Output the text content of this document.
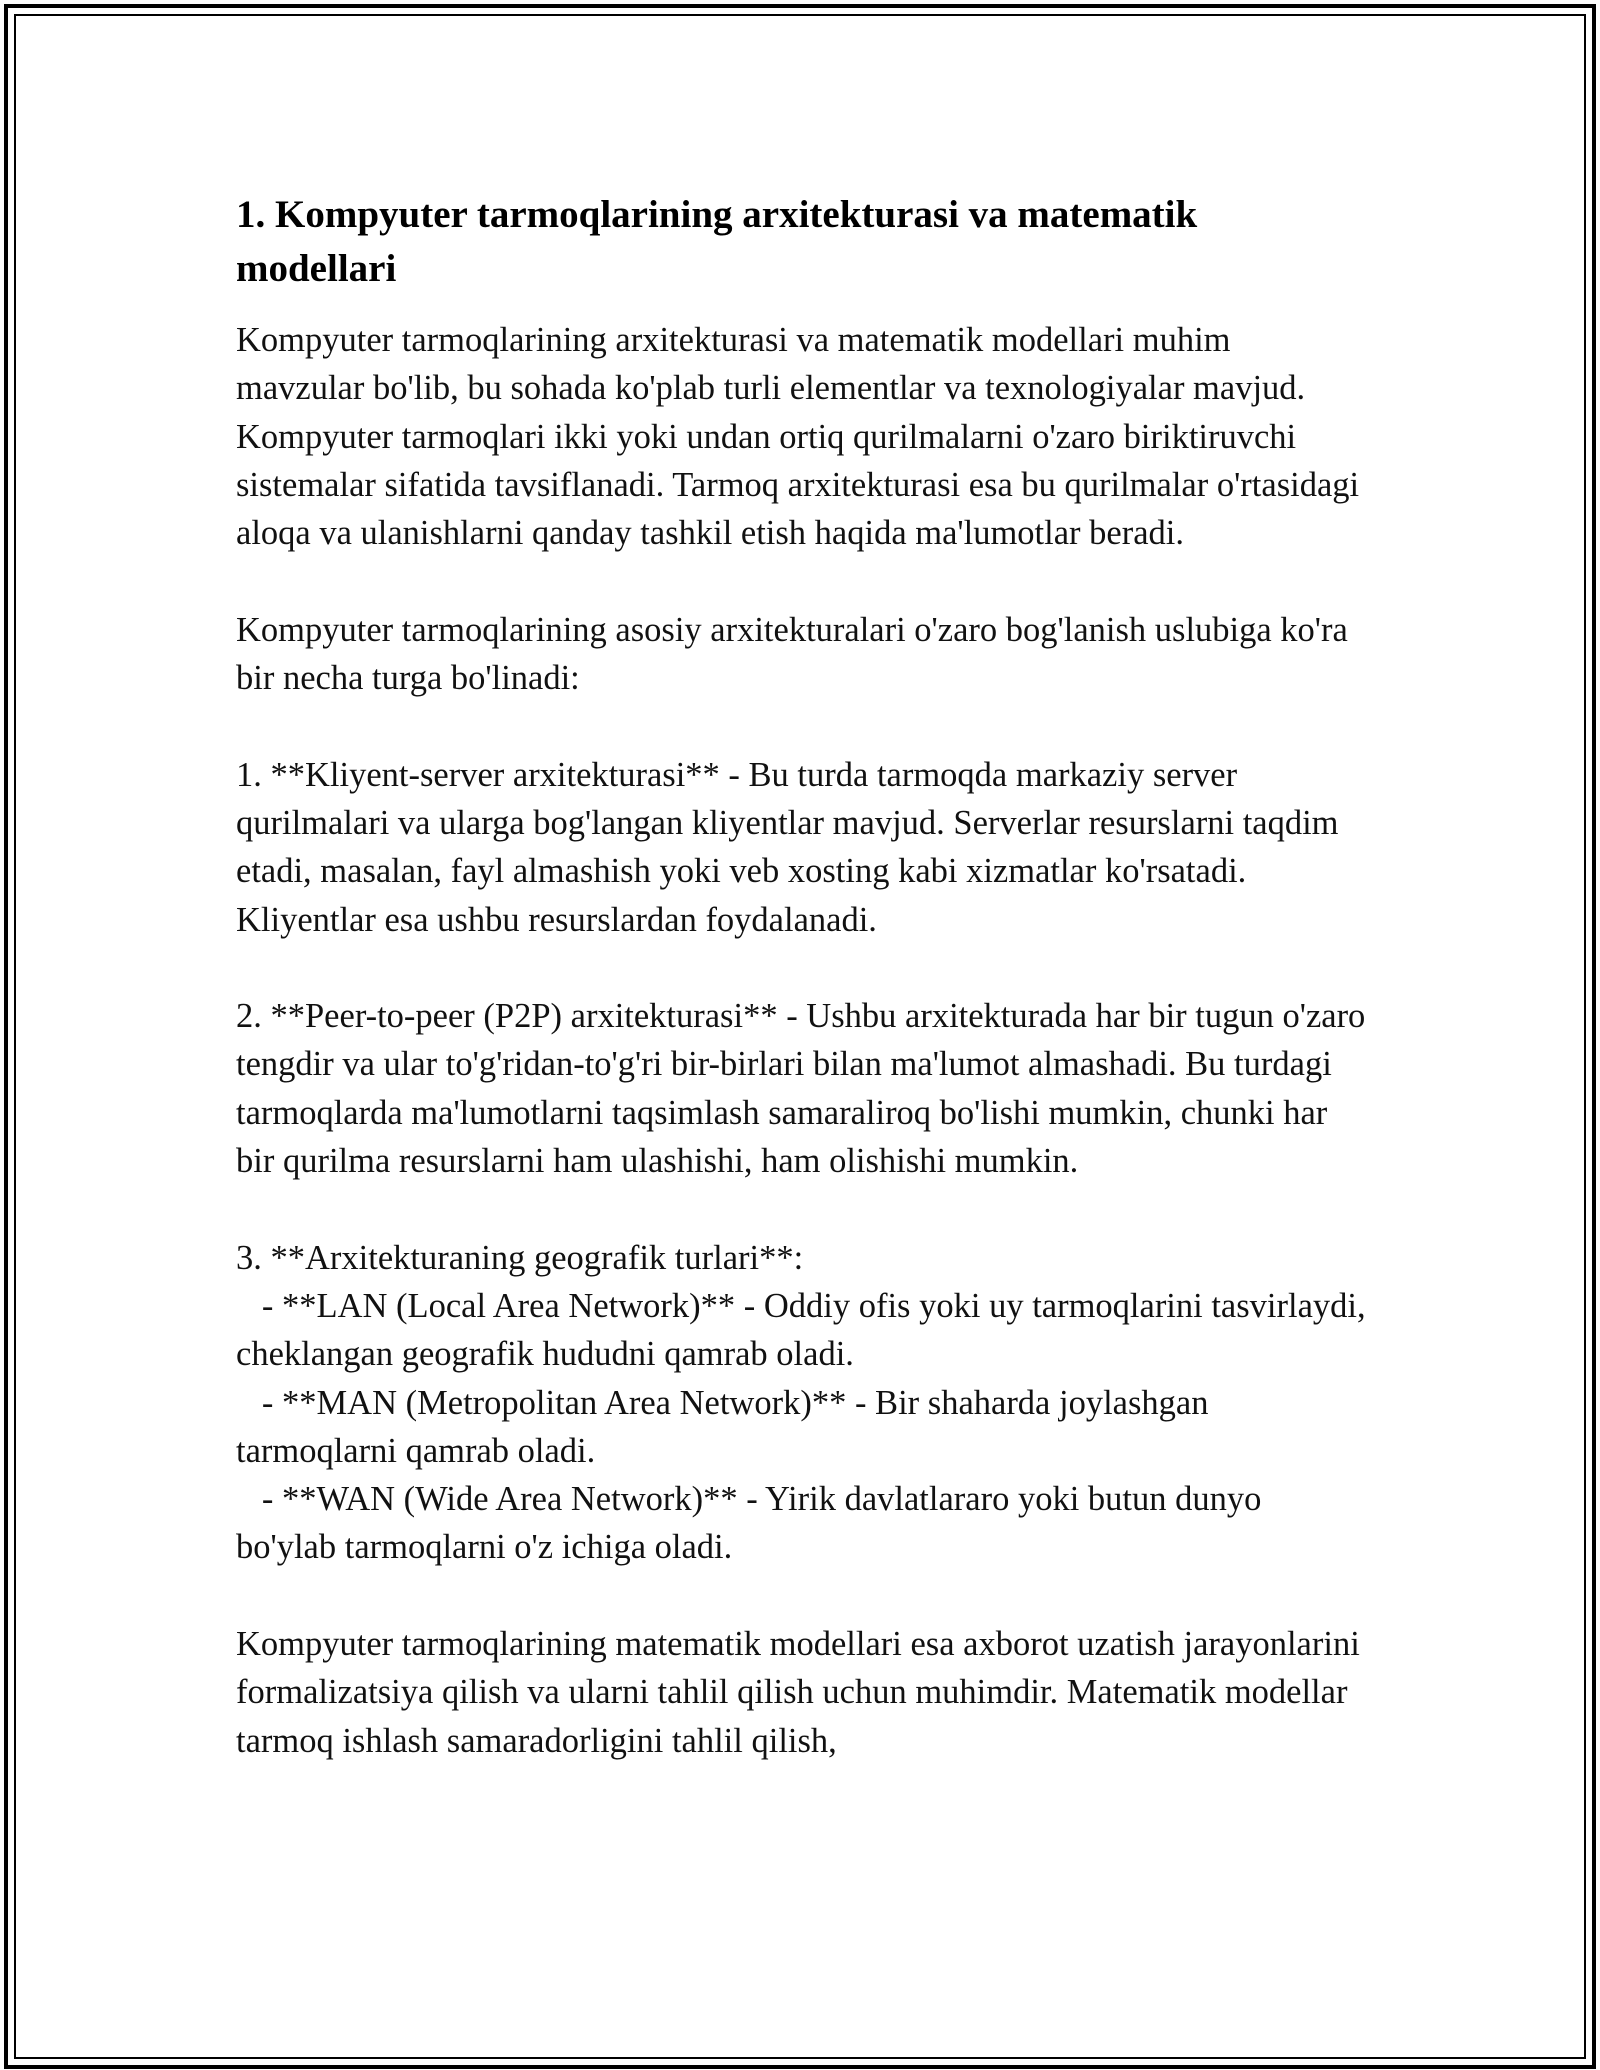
1. Kompyuter tarmoqlarining arxitekturasi va matematik modellari

Kompyuter tarmoqlarining arxitekturasi va matematik modellari muhim mavzular bo'lib, bu sohada ko'plab turli elementlar va texnologiyalar mavjud. Kompyuter tarmoqlari ikki yoki undan ortiq qurilmalarni o'zaro biriktiruvchi sistemalar sifatida tavsiflanadi. Tarmoq arxitekturasi esa bu qurilmalar o'rtasidagi aloqa va ulanishlarni qanday tashkil etish haqida ma'lumotlar beradi.

Kompyuter tarmoqlarining asosiy arxitekturalari o'zaro bog'lanish uslubiga ko'ra bir necha turga bo'linadi:

1. **Kliyent-server arxitekturasi** - Bu turda tarmoqda markaziy server qurilmalari va ularga bog'langan kliyentlar mavjud. Serverlar resurslarni taqdim etadi, masalan, fayl almashish yoki veb xosting kabi xizmatlar ko'rsatadi. Kliyentlar esa ushbu resurslardan foydalanadi.

2. **Peer-to-peer (P2P) arxitekturasi** - Ushbu arxitekturada har bir tugun o'zaro tengdir va ular to'g'ridan-to'g'ri bir-birlari bilan ma'lumot almashadi. Bu turdagi tarmoqlarda ma'lumotlarni taqsimlash samaraliroq bo'lishi mumkin, chunki har bir qurilma resurslarni ham ulashishi, ham olishishi mumkin.

3. **Arxitekturaning geografik turlari**:
- **LAN (Local Area Network)** - Oddiy ofis yoki uy tarmoqlarini tasvirlaydi, cheklangan geografik hududni qamrab oladi.
- **MAN (Metropolitan Area Network)** - Bir shaharda joylashgan tarmoqlarni qamrab oladi.
- **WAN (Wide Area Network)** - Yirik davlatlararo yoki butun dunyo bo'ylab tarmoqlarni o'z ichiga oladi.

Kompyuter tarmoqlarining matematik modellari esa axborot uzatish jarayonlarini formalizatsiya qilish va ularni tahlil qilish uchun muhimdir. Matematik modellar tarmoq ishlash samaradorligini tahlil qilish,
